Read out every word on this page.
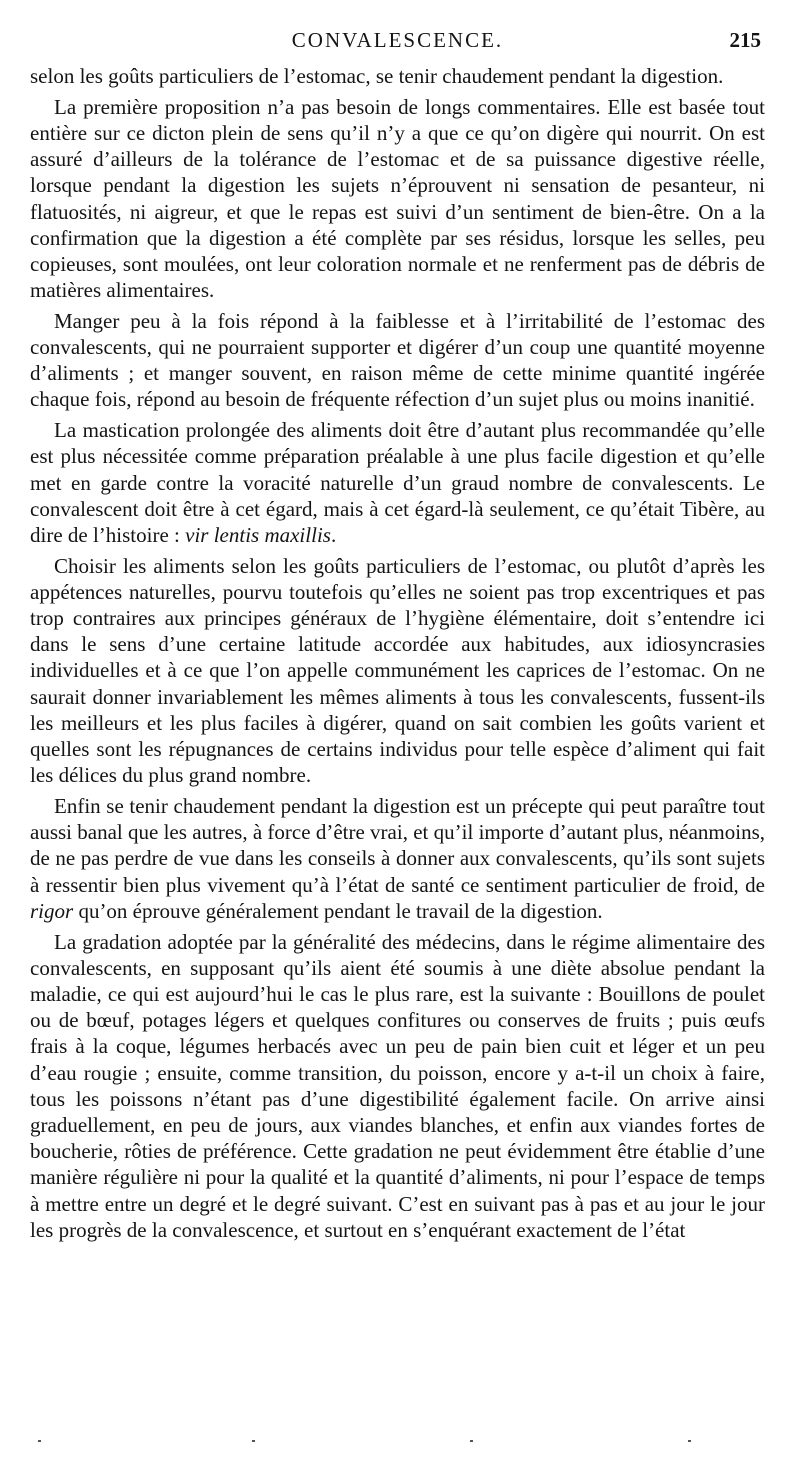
CONVALESCENCE.	215

selon les goûts particuliers de l’estomac, se tenir chaudement pendant la digestion.

La première proposition n’a pas besoin de longs commentaires. Elle est basée tout entière sur ce dicton plein de sens qu’il n’y a que ce qu’on digère qui nourrit. On est assuré d’ailleurs de la tolérance de l’estomac et de sa puissance digestive réelle, lorsque pendant la digestion les sujets n’éprouvent ni sensation de pesanteur, ni flatuosités, ni aigreur, et que le repas est suivi d’un sentiment de bien-être. On a la confirmation que la digestion a été complète par ses résidus, lorsque les selles, peu copieuses, sont moulées, ont leur coloration normale et ne renferment pas de débris de matières alimentaires.

Manger peu à la fois répond à la faiblesse et à l’irritabilité de l’estomac des convalescents, qui ne pourraient supporter et digérer d’un coup une quantité moyenne d’aliments ; et manger souvent, en raison même de cette minime quantité ingérée chaque fois, répond au besoin de fréquente réfection d’un sujet plus ou moins inanitié.

La mastication prolongée des aliments doit être d’autant plus recommandée qu’elle est plus nécessitée comme préparation préalable à une plus facile digestion et qu’elle met en garde contre la voracité naturelle d’un graud nombre de convalescents. Le convalescent doit être à cet égard, mais à cet égard-là seulement, ce qu’était Tibère, au dire de l’histoire : vir lentis maxillis.

Choisir les aliments selon les goûts particuliers de l’estomac, ou plutôt d’après les appétences naturelles, pourvu toutefois qu’elles ne soient pas trop excentriques et pas trop contraires aux principes généraux de l’hygiène élémentaire, doit s’entendre ici dans le sens d’une certaine latitude accordée aux habitudes, aux idiosyncrasies individuelles et à ce que l’on appelle communément les caprices de l’estomac. On ne saurait donner invariablement les mêmes aliments à tous les convalescents, fussent-ils les meilleurs et les plus faciles à digérer, quand on sait combien les goûts varient et quelles sont les répugnances de certains individus pour telle espèce d’aliment qui fait les délices du plus grand nombre.

Enfin se tenir chaudement pendant la digestion est un précepte qui peut paraître tout aussi banal que les autres, à force d’être vrai, et qu’il importe d’autant plus, néanmoins, de ne pas perdre de vue dans les conseils à donner aux convalescents, qu’ils sont sujets à ressentir bien plus vivement qu’à l’état de santé ce sentiment particulier de froid, de rigor qu’on éprouve généralement pendant le travail de la digestion.

La gradation adoptée par la généralité des médecins, dans le régime alimentaire des convalescents, en supposant qu’ils aient été soumis à une diète absolue pendant la maladie, ce qui est aujourd’hui le cas le plus rare, est la suivante : Bouillons de poulet ou de bœuf, potages légers et quelques confitures ou conserves de fruits ; puis œufs frais à la coque, légumes herbacés avec un peu de pain bien cuit et léger et un peu d’eau rougie ; ensuite, comme transition, du poisson, encore y a-t-il un choix à faire, tous les poissons n’étant pas d’une digestibilité également facile. On arrive ainsi graduellement, en peu de jours, aux viandes blanches, et enfin aux viandes fortes de boucherie, rôties de préférence. Cette gradation ne peut évidemment être établie d’une manière régulière ni pour la qualité et la quantité d’aliments, ni pour l’espace de temps à mettre entre un degré et le degré suivant. C’est en suivant pas à pas et au jour le jour les progrès de la convalescence, et surtout en s’enquérant exactement de l’état
